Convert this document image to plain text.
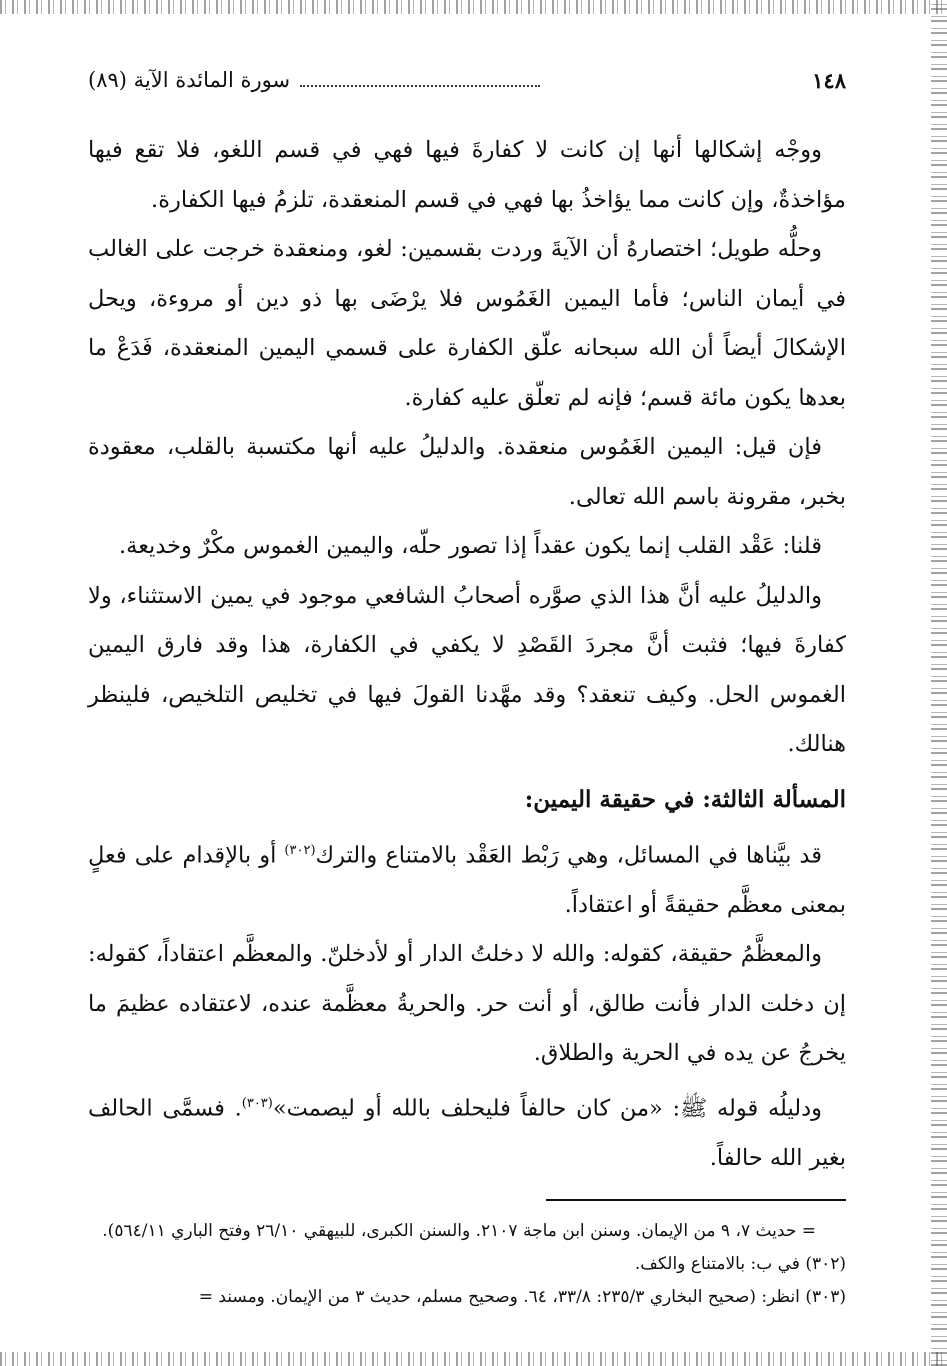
١٤٨
سورة المائدة الآية (٨٩)

ووجْه إشكالها أنها إن كانت لا كفارةَ فيها فهي في قسم اللغو، فلا تقع فيها مؤاخذةٌ، وإن كانت مما يؤاخذُ بها فهي في قسم المنعقدة، تلزمُ فيها الكفارة.

وحلُّه طويل؛ اختصارهُ أن الآيةَ وردت بقسمين: لغو، ومنعقدة خرجت على الغالب في أيمان الناس؛ فأما اليمين الغَمُوس فلا يرْضَى بها ذو دين أو مروءة، ويحل الإشكالَ أيضاً أن الله سبحانه علّق الكفارة على قسمي اليمين المنعقدة، فَدَعْ ما بعدها يكون مائة قسم؛ فإنه لم تعلّق عليه كفارة.

فإن قيل: اليمين الغَمُوس منعقدة. والدليلُ عليه أنها مكتسبة بالقلب، معقودة بخبر، مقرونة باسم الله تعالى.

قلنا: عَقْد القلب إنما يكون عقداً إذا تصور حلّه، واليمين الغموس مكْرٌ وخديعة.

والدليلُ عليه أنَّ هذا الذي صوَّره أصحابُ الشافعي موجود في يمين الاستثناء، ولا كفارةَ فيها؛ فثبت أنَّ مجردَ القَصْدِ لا يكفي في الكفارة، هذا وقد فارق اليمين الغموس الحل. وكيف تنعقد؟ وقد مهَّدنا القولَ فيها في تخليص التلخيص، فلينظر هنالك.

المسألة الثالثة: في حقيقة اليمين:

قد بيَّناها في المسائل، وهي رَبْط العَقْد بالامتناع والترك$^{(٣٠٢)}$ أو بالإقدام على فعلٍ بمعنى معظَّم حقيقةً أو اعتقاداً.

والمعظَّمُ حقيقة، كقوله: والله لا دخلتُ الدار أو لأدخلنّ. والمعظَّم اعتقاداً، كقوله: إن دخلت الدار فأنت طالق، أو أنت حر. والحريةُ معظَّمة عنده، لاعتقاده عظيمَ ما يخرجُ عن يده في الحرية والطلاق.

ودليلُه قوله ﷺ: «من كان حالفاً فليحلف بالله أو ليصمت»$^{(٣٠٣)}$. فسمَّى الحالف بغير الله حالفاً.

= حديث ٧، ٩ من الإيمان. وسنن ابن ماجة ٢١٠٧. والسنن الكبرى، للبيهقي ٢٦/١٠ وفتح الباري ٥٦٤/١١).

(٣٠٢) في ب: بالامتناع والكف.

(٣٠٣) انظر: (صحيح البخاري ٢٣٥/٣: ٣٣/٨، ٦٤. وصحيح مسلم، حديث ٣ من الإيمان. ومسند =
